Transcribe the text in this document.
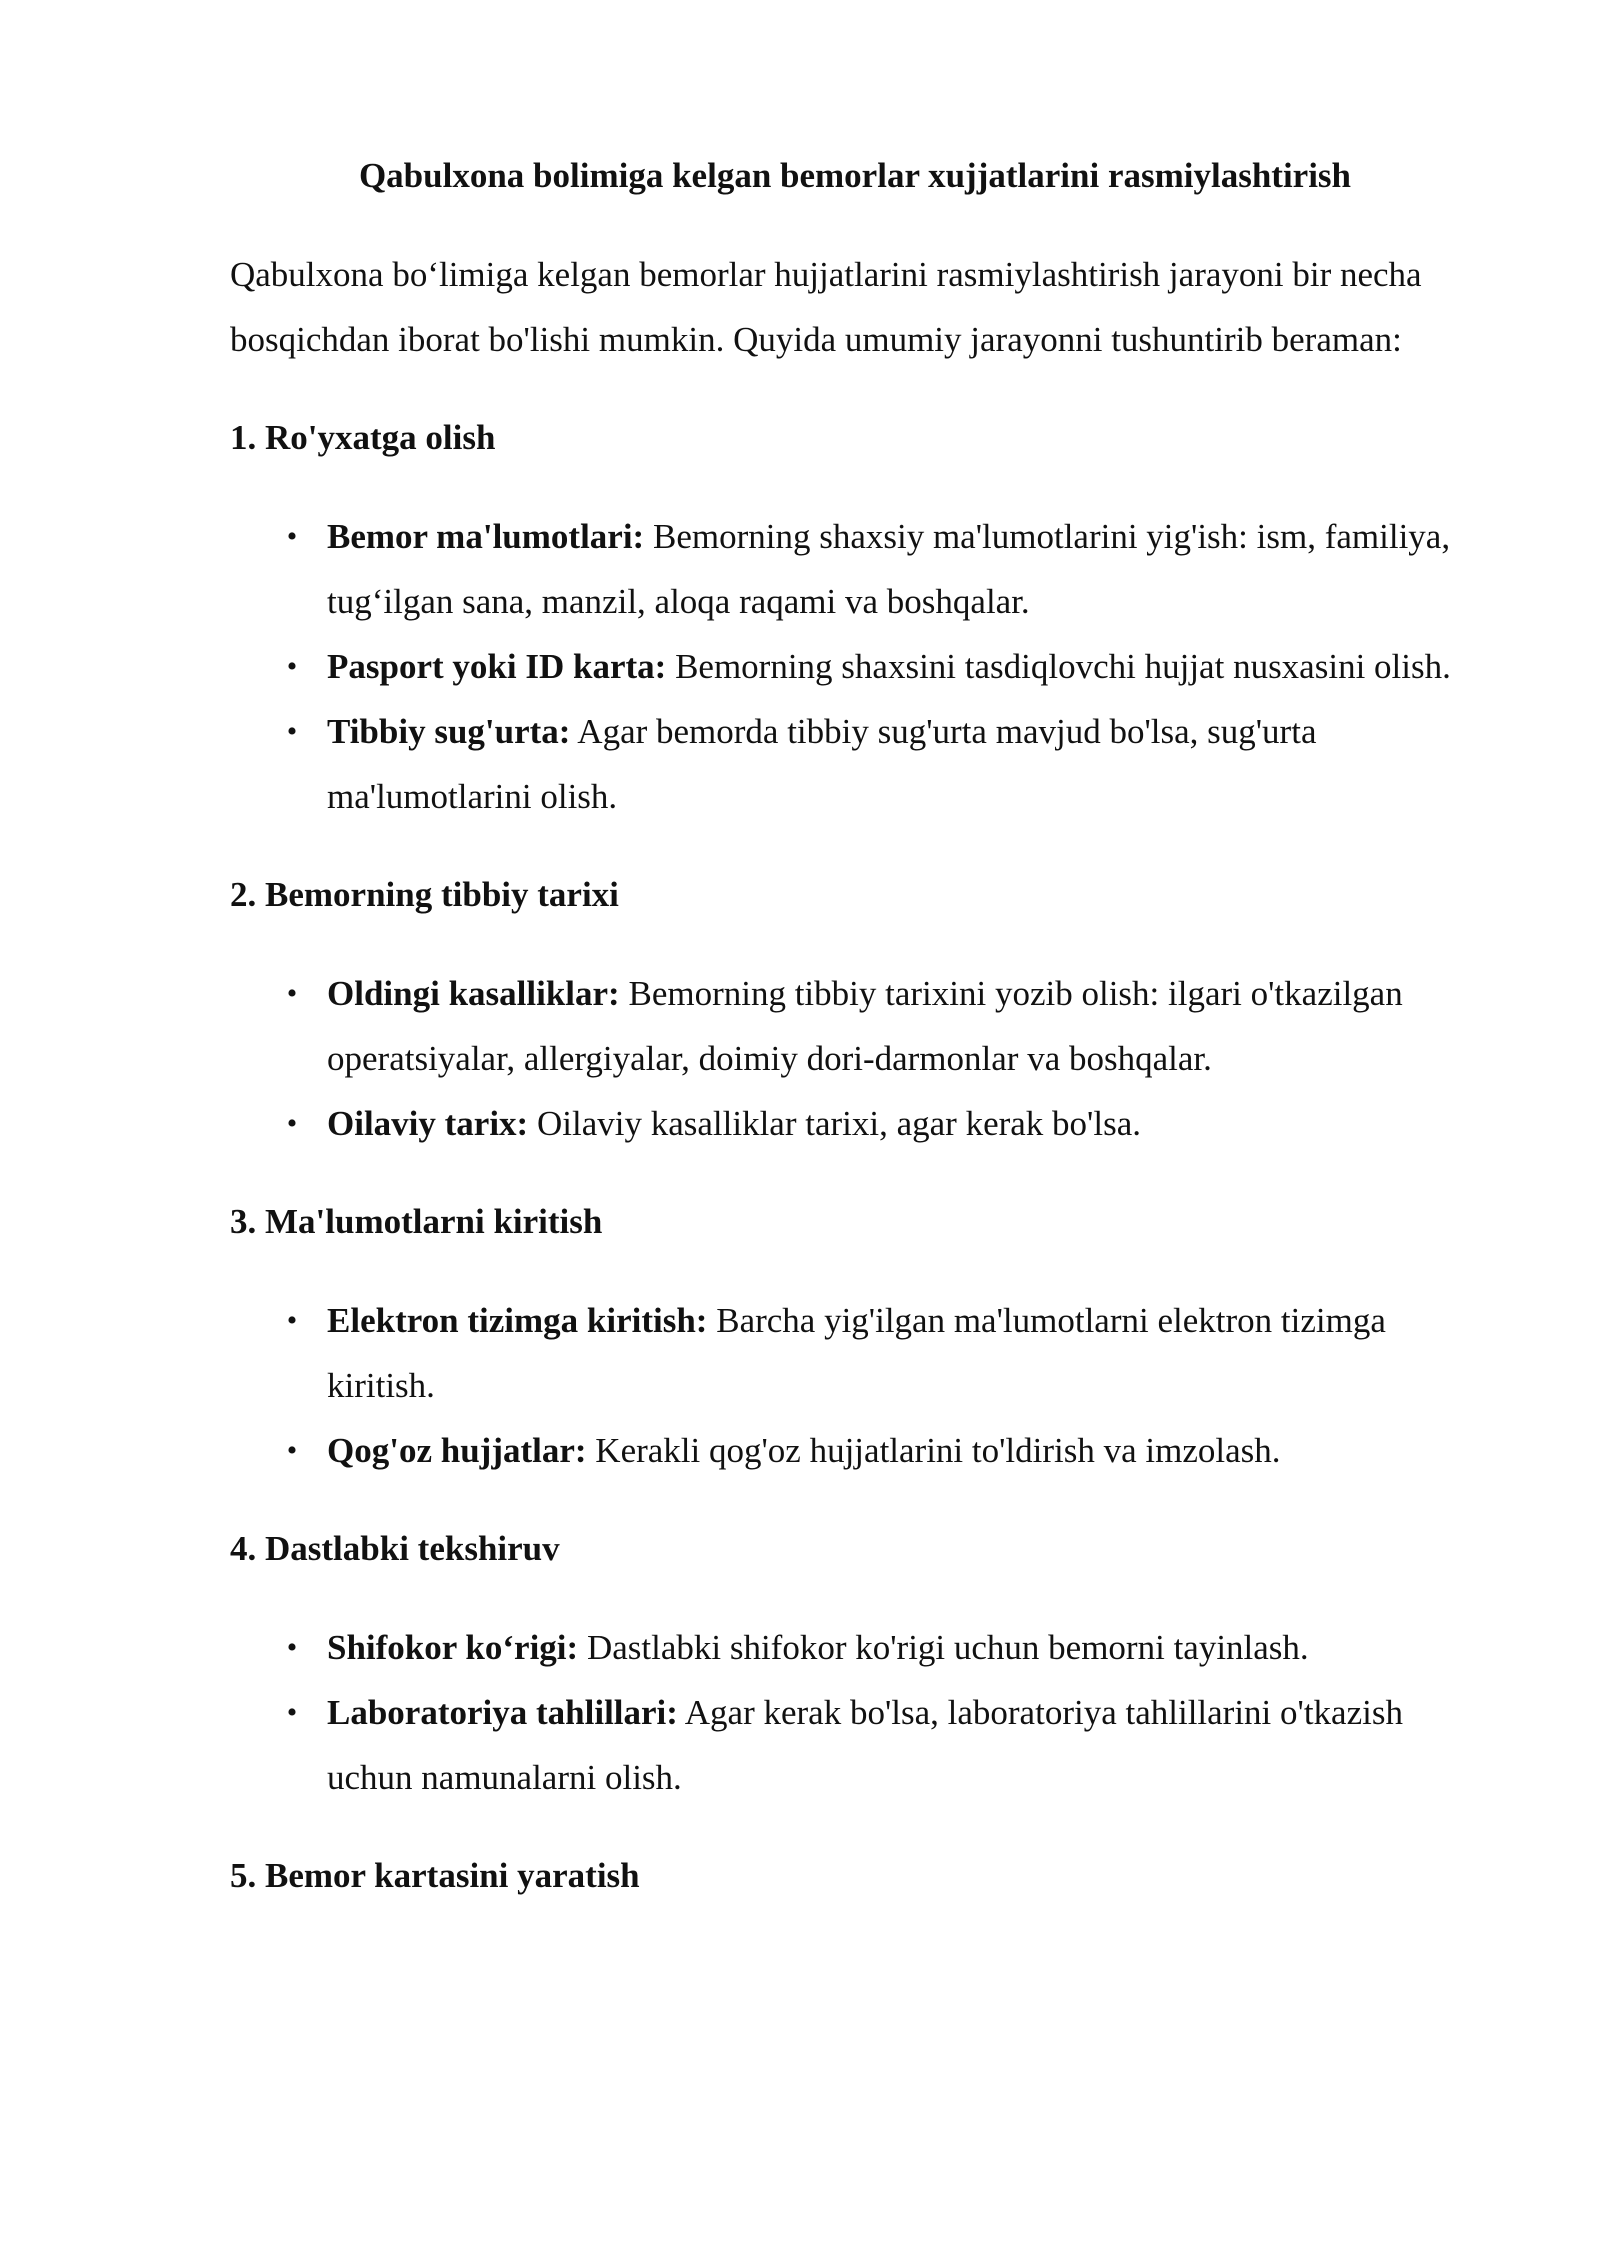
Qabulxona bolimiga kelgan bemorlar xujjatlarini rasmiylashtirish

Qabulxona boʻlimiga kelgan bemorlar hujjatlarini rasmiylashtirish jarayoni bir necha bosqichdan iborat bo'lishi mumkin. Quyida umumiy jarayonni tushuntirib beraman:

1. Ro'yxatga olish
• Bemor ma'lumotlari: Bemorning shaxsiy ma'lumotlarini yig'ish: ism, familiya, tugʻilgan sana, manzil, aloqa raqami va boshqalar.
• Pasport yoki ID karta: Bemorning shaxsini tasdiqlovchi hujjat nusxasini olish.
• Tibbiy sug'urta: Agar bemorda tibbiy sug'urta mavjud bo'lsa, sug'urta ma'lumotlarini olish.
2. Bemorning tibbiy tarixi
• Oldingi kasalliklar: Bemorning tibbiy tarixini yozib olish: ilgari o'tkazilgan operatsiyalar, allergiyalar, doimiy dori-darmonlar va boshqalar.
• Oilaviy tarix: Oilaviy kasalliklar tarixi, agar kerak bo'lsa.
3. Ma'lumotlarni kiritish
• Elektron tizimga kiritish: Barcha yig'ilgan ma'lumotlarni elektron tizimga kiritish.
• Qog'oz hujjatlar: Kerakli qog'oz hujjatlarini to'ldirish va imzolash.
4. Dastlabki tekshiruv
• Shifokor koʻrigi: Dastlabki shifokor ko'rigi uchun bemorni tayinlash.
• Laboratoriya tahlillari: Agar kerak bo'lsa, laboratoriya tahlillarini o'tkazish uchun namunalarni olish.
5. Bemor kartasini yaratish
